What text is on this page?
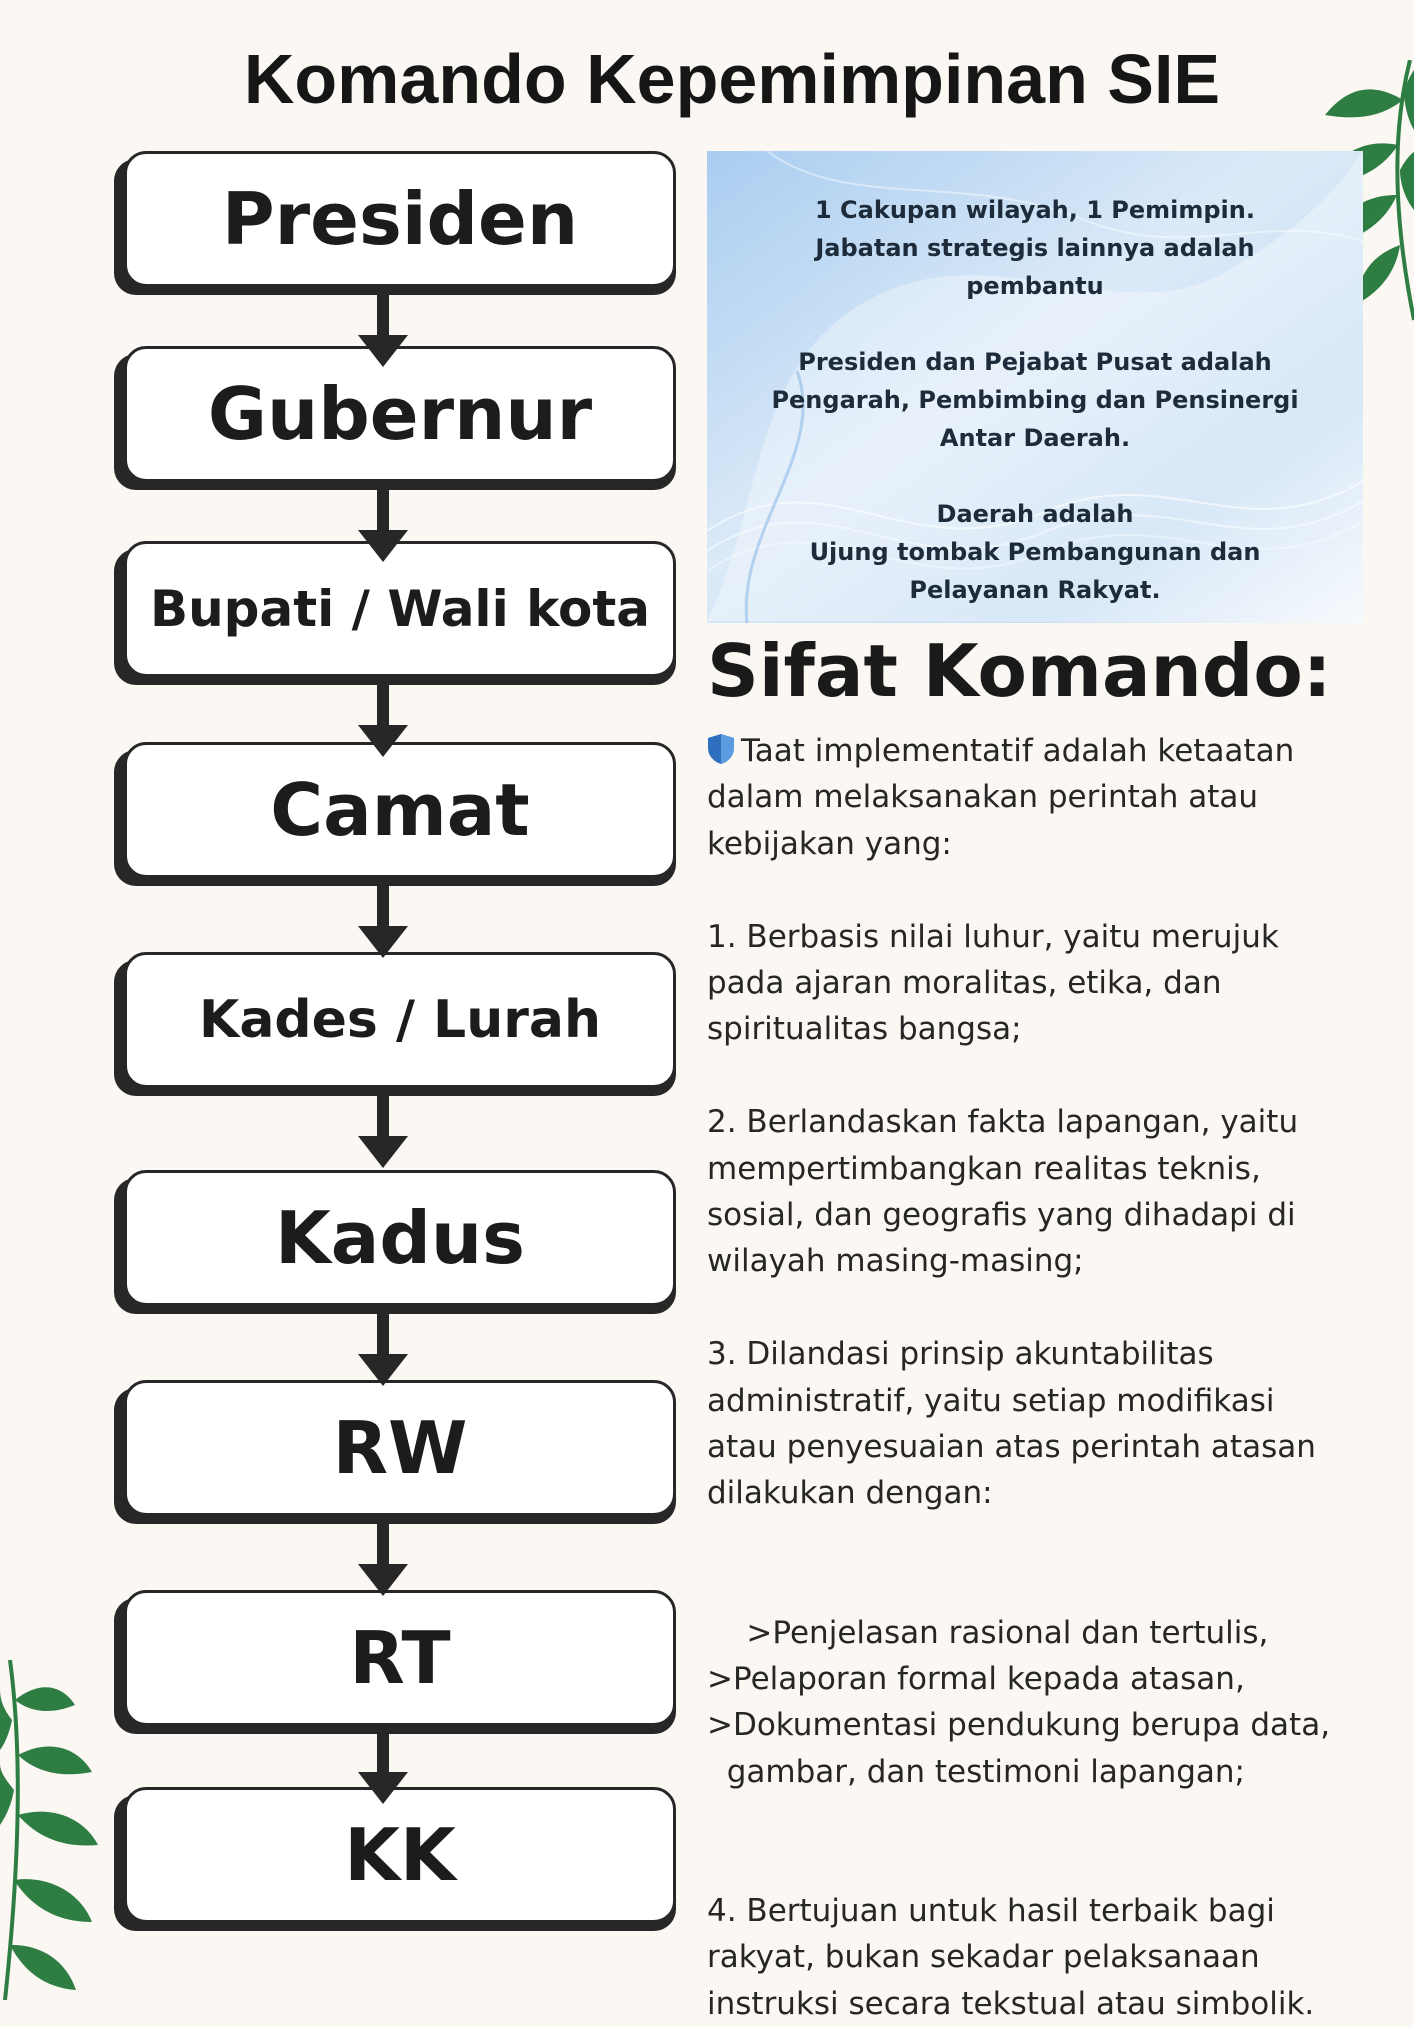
Komando Kepemimpinan SIE
Presiden
Gubernur
Bupati / Wali kota
Camat
Kades / Lurah
Kadus
RW
RT
KK

1 Cakupan wilayah, 1 Pemimpin.
Jabatan strategis lainnya adalah
pembantu

Presiden dan Pejabat Pusat adalah
Pengarah, Pembimbing dan Pensinergi
Antar Daerah.

Daerah adalah
Ujung tombak Pembangunan dan
Pelayanan Rakyat.

Sifat Komando:
Taat implementatif adalah ketaatan
dalam melaksanakan perintah atau
kebijakan yang:
1. Berbasis nilai luhur, yaitu merujuk
pada ajaran moralitas, etika, dan
spiritualitas bangsa;
2. Berlandaskan fakta lapangan, yaitu
mempertimbangkan realitas teknis,
sosial, dan geografis yang dihadapi di
wilayah masing-masing;
3. Dilandasi prinsip akuntabilitas
administratif, yaitu setiap modifikasi
atau penyesuaian atas perintah atasan
dilakukan dengan:

>Penjelasan rasional dan tertulis,
>Pelaporan formal kepada atasan,
>Dokumentasi pendukung berupa data,
gambar, dan testimoni lapangan;

4. Bertujuan untuk hasil terbaik bagi
rakyat, bukan sekadar pelaksanaan
instruksi secara tekstual atau simbolik.
